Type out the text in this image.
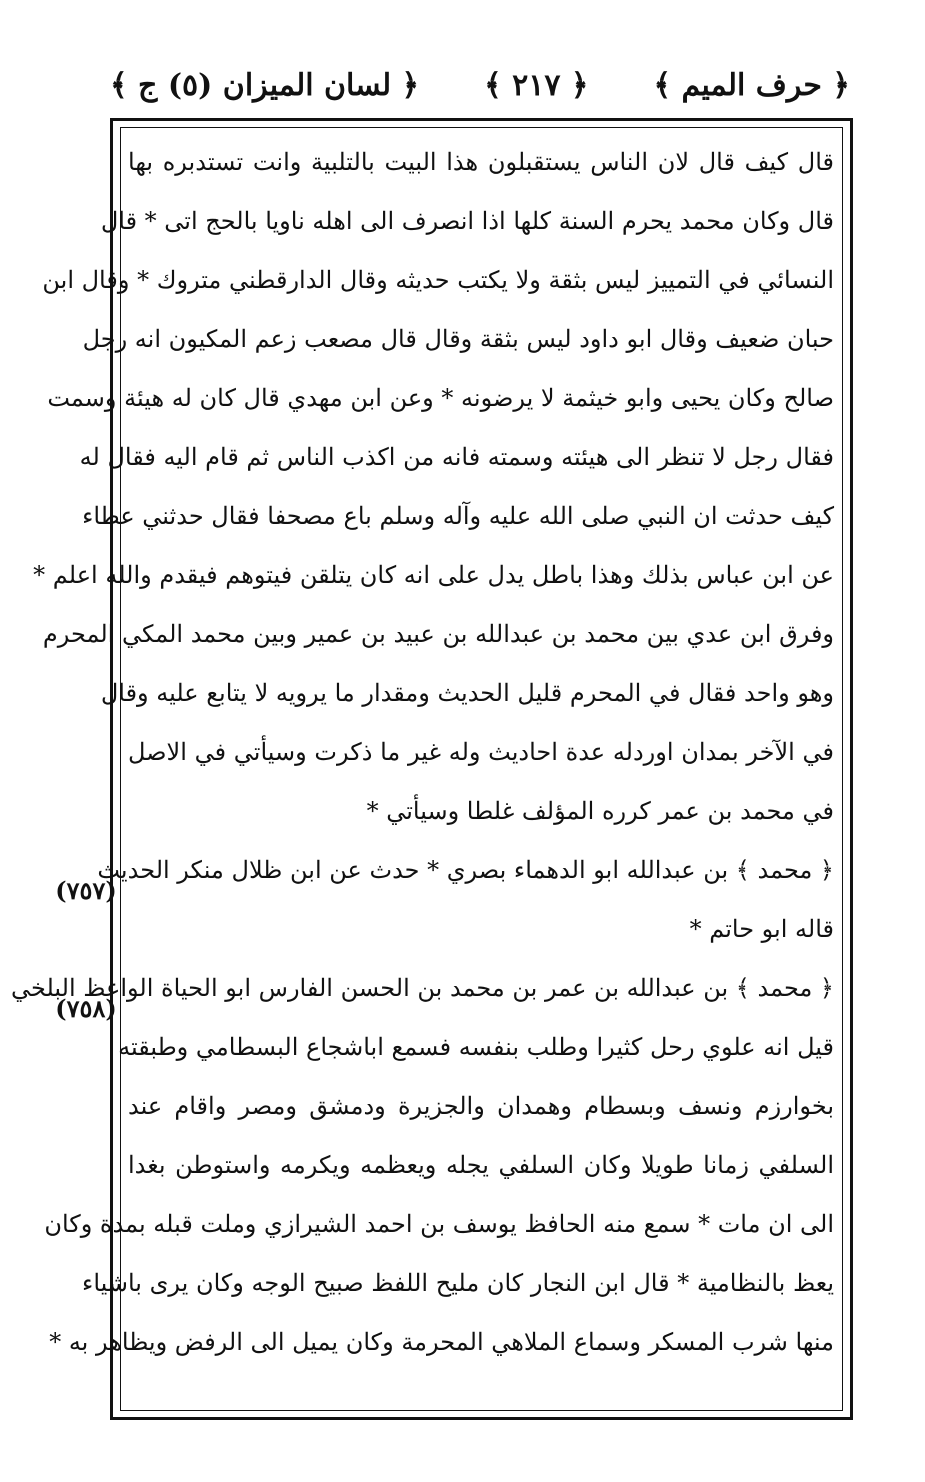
﴿ لسان الميزان (٥) ج ﴾ ﴿ ٢١٧ ﴾ ﴿ حرف الميم ﴾
(٧٥٧)
(٧٥٨)
قال كيف قال لان الناس يستقبلون هذا البيت بالتلبية وانت تستدبره بها
قال وكان محمد يحرم السنة كلها اذا انصرف الى اهله ناويا بالحج اتى * قال
النسائي في التمييز ليس بثقة ولا يكتب حديثه وقال الدارقطني متروك * وقال ابن
حبان ضعيف وقال ابو داود ليس بثقة وقال قال مصعب زعم المكيون انه رجل
صالح وكان يحيى وابو خيثمة لا يرضونه * وعن ابن مهدي قال كان له هيئة وسمت
فقال رجل لا تنظر الى هيئته وسمته فانه من اكذب الناس ثم قام اليه فقال له
كيف حدثت ان النبي صلى الله عليه وآله وسلم باع مصحفا فقال حدثني عطاء
عن ابن عباس بذلك وهذا باطل يدل على انه كان يتلقن فيتوهم فيقدم والله اعلم *
وفرق ابن عدي بين محمد بن عبدالله بن عبيد بن عمير وبين محمد المكي المحرم
وهو واحد فقال في المحرم قليل الحديث ومقدار ما يرويه لا يتابع عليه وقال
في الآخر بمدان اوردله عدة احاديث وله غير ما ذكرت وسيأتي في الاصل
في محمد بن عمر كرره المؤلف غلطا وسيأتي *
﴿ محمد ﴾ بن عبدالله ابو الدهماء بصري * حدث عن ابن ظلال منكر الحديث
قاله ابو حاتم *
﴿ محمد ﴾ بن عبدالله بن عمر بن محمد بن الحسن الفارس ابو الحياة الواعظ البلخي
قيل انه علوي رحل كثيرا وطلب بنفسه فسمع اباشجاع البسطامي وطبقته
بخوارزم ونسف وبسطام وهمدان والجزيرة ودمشق ومصر واقام عند
السلفي زمانا طويلا وكان السلفي يجله ويعظمه ويكرمه واستوطن بغدا
الى ان مات * سمع منه الحافظ يوسف بن احمد الشيرازي وملت قبله بمدة وكان
يعظ بالنظامية * قال ابن النجار كان مليح اللفظ صبيح الوجه وكان يرى باشياء
منها شرب المسكر وسماع الملاهي المحرمة وكان يميل الى الرفض ويظاهر به *
